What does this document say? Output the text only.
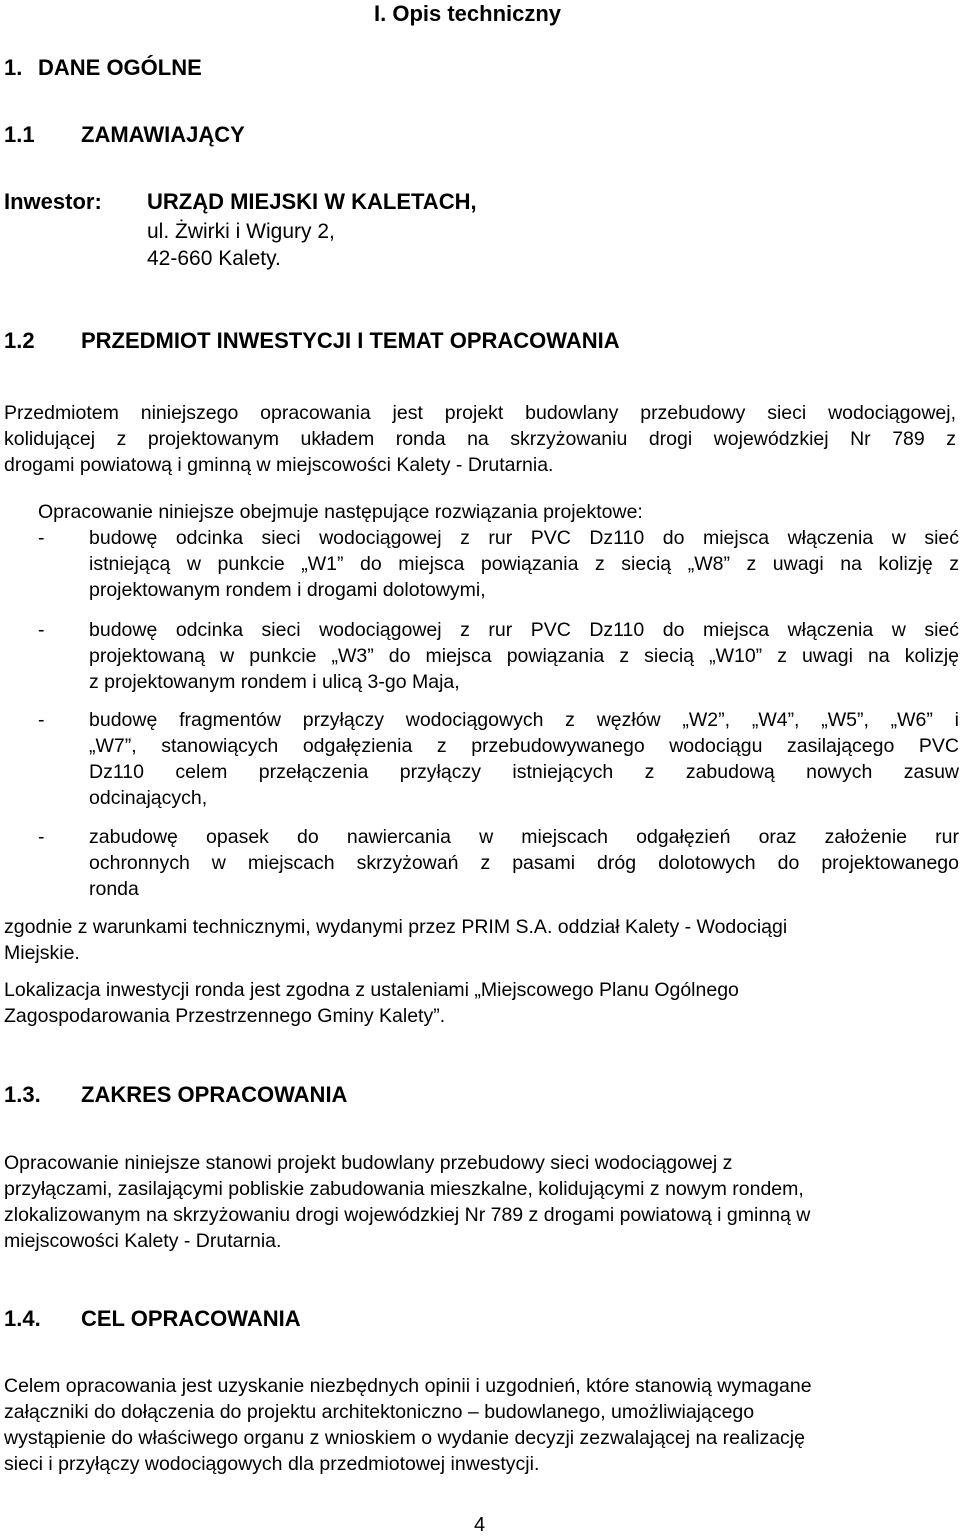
I. Opis techniczny
1. DANE OGÓLNE
1.1 ZAMAWIAJĄCY
Inwestor: URZĄD MIEJSKI W KALETACH,
ul. Żwirki i Wigury 2,
42-660 Kalety.
1.2 PRZEDMIOT INWESTYCJI I TEMAT OPRACOWANIA
Przedmiotem niniejszego opracowania jest projekt budowlany przebudowy sieci wodociągowej,
kolidującej z projektowanym układem ronda na skrzyżowaniu drogi wojewódzkiej Nr 789 z
drogami powiatową i gminną w miejscowości Kalety - Drutarnia.
Opracowanie niniejsze obejmuje następujące rozwiązania projektowe:
- budowę odcinka sieci wodociągowej z rur PVC Dz110 do miejsca włączenia w sieć
istniejącą w punkcie „W1” do miejsca powiązania z siecią „W8” z uwagi na kolizję z
projektowanym rondem i drogami dolotowymi,
- budowę odcinka sieci wodociągowej z rur PVC Dz110 do miejsca włączenia w sieć
projektowaną w punkcie „W3” do miejsca powiązania z siecią „W10” z uwagi na kolizję
z projektowanym rondem i ulicą 3-go Maja,
- budowę fragmentów przyłączy wodociągowych z węzłów „W2”, „W4”, „W5”, „W6” i
„W7”, stanowiących odgałęzienia z przebudowywanego wodociągu zasilającego PVC
Dz110 celem przełączenia przyłączy istniejących z zabudową nowych zasuw
odcinających,
- zabudowę opasek do nawiercania w miejscach odgałęzień oraz założenie rur
ochronnych w miejscach skrzyżowań z pasami dróg dolotowych do projektowanego
ronda
zgodnie z warunkami technicznymi, wydanymi przez PRIM S.A. oddział Kalety - Wodociągi
Miejskie.
Lokalizacja inwestycji ronda jest zgodna z ustaleniami „Miejscowego Planu Ogólnego
Zagospodarowania Przestrzennego Gminy Kalety”.
1.3. ZAKRES OPRACOWANIA
Opracowanie niniejsze stanowi projekt budowlany przebudowy sieci wodociągowej z
przyłączami, zasilającymi pobliskie zabudowania mieszkalne, kolidującymi z nowym rondem,
zlokalizowanym na skrzyżowaniu drogi wojewódzkiej Nr 789 z drogami powiatową i gminną w
miejscowości Kalety - Drutarnia.
1.4. CEL OPRACOWANIA
Celem opracowania jest uzyskanie niezbędnych opinii i uzgodnień, które stanowią wymagane
załączniki do dołączenia do projektu architektoniczno – budowlanego, umożliwiającego
wystąpienie do właściwego organu z wnioskiem o wydanie decyzji zezwalającej na realizację
sieci i przyłączy wodociągowych dla przedmiotowej inwestycji.
4
